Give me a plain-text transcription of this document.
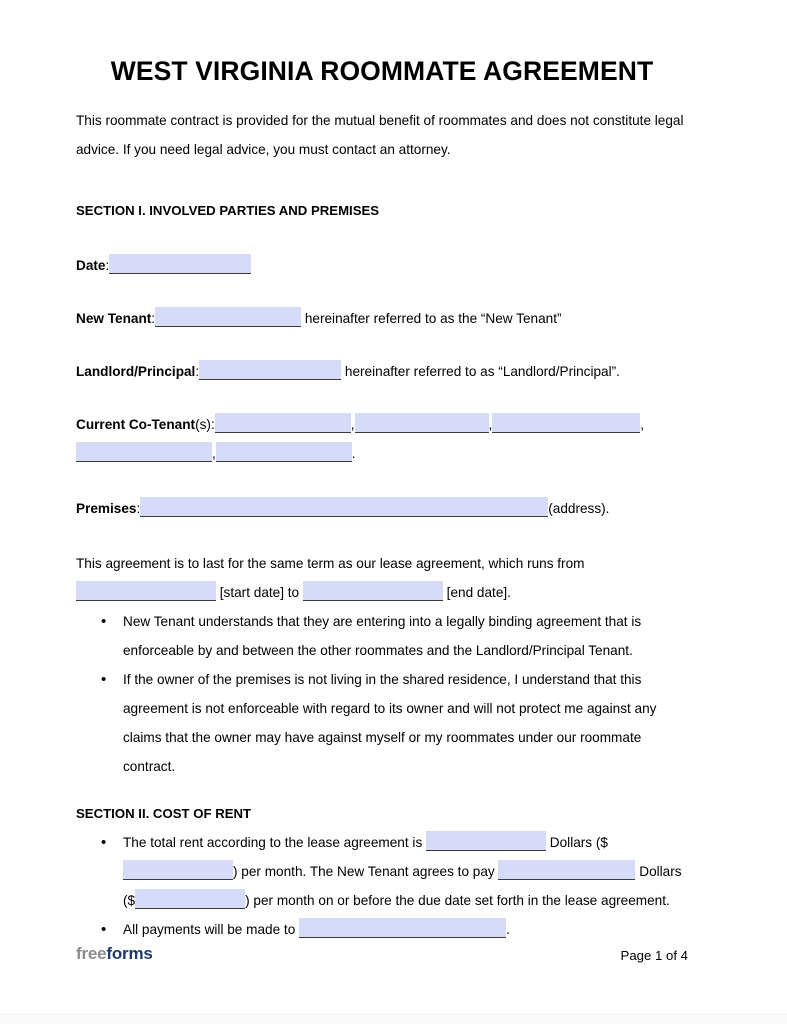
WEST VIRGINIA ROOMMATE AGREEMENT

This roommate contract is provided for the mutual benefit of roommates and does not constitute legal advice. If you need legal advice, you must contact an attorney.

SECTION I. INVOLVED PARTIES AND PREMISES

Date:

New Tenant:	hereinafter referred to as the “New Tenant”

Landlord/Principal:	hereinafter referred to as “Landlord/Principal”.

Current Co-Tenant(s):	,	,	,,	.

Premises:	(address).

This agreement is to last for the same term as our lease agreement, which runs from
[start date] to	[end date].

• New Tenant understands that they are entering into a legally binding agreement that is enforceable by and between the other roommates and the Landlord/Principal Tenant.
• If the owner of the premises is not living in the shared residence, I understand that this agreement is not enforceable with regard to its owner and will not protect me against any claims that the owner may have against myself or my roommates under our roommate contract.

SECTION II. COST OF RENT

• The total rent according to the lease agreement is	Dollars ($) per month. The New Tenant agrees to pay	Dollars ($	) per month on or before the due date set forth in the lease agreement.
• All payments will be made to	.
freeforms	Page 1 of 4
